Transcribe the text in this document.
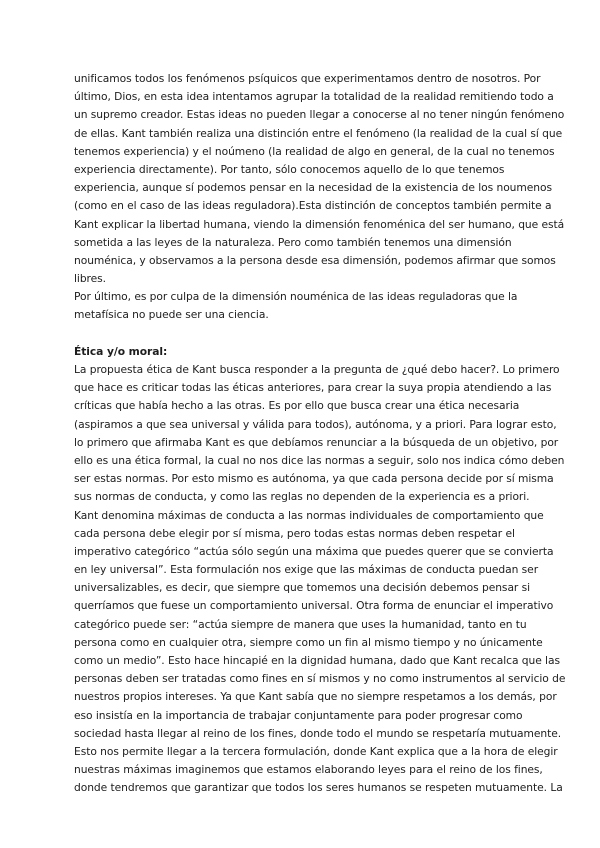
unificamos todos los fenómenos psíquicos que experimentamos dentro de nosotros. Por
último, Dios, en esta idea intentamos agrupar la totalidad de la realidad remitiendo todo a
un supremo creador. Estas ideas no pueden llegar a conocerse al no tener ningún fenómeno
de ellas. Kant también realiza una distinción entre el fenómeno (la realidad de la cual sí que
tenemos experiencia) y el noúmeno (la realidad de algo en general, de la cual no tenemos
experiencia directamente). Por tanto, sólo conocemos aquello de lo que tenemos
experiencia, aunque sí podemos pensar en la necesidad de la existencia de los noumenos
(como en el caso de las ideas reguladora).Esta distinción de conceptos también permite a
Kant explicar la libertad humana, viendo la dimensión fenoménica del ser humano, que está
sometida a las leyes de la naturaleza. Pero como también tenemos una dimensión
nouménica, y observamos a la persona desde esa dimensión, podemos afirmar que somos
libres.
Por último, es por culpa de la dimensión nouménica de las ideas reguladoras que la
metafísica no puede ser una ciencia.
Ética y/o moral:
La propuesta ética de Kant busca responder a la pregunta de ¿qué debo hacer?. Lo primero
que hace es criticar todas las éticas anteriores, para crear la suya propia atendiendo a las
críticas que había hecho a las otras. Es por ello que busca crear una ética necesaria
(aspiramos a que sea universal y válida para todos), autónoma, y a priori. Para lograr esto,
lo primero que afirmaba Kant es que debíamos renunciar a la búsqueda de un objetivo, por
ello es una ética formal, la cual no nos dice las normas a seguir, solo nos indica cómo deben
ser estas normas. Por esto mismo es autónoma, ya que cada persona decide por sí misma
sus normas de conducta, y como las reglas no dependen de la experiencia es a priori.
Kant denomina máximas de conducta a las normas individuales de comportamiento que
cada persona debe elegir por sí misma, pero todas estas normas deben respetar el
imperativo categórico “actúa sólo según una máxima que puedes querer que se convierta
en ley universal”. Esta formulación nos exige que las máximas de conducta puedan ser
universalizables, es decir, que siempre que tomemos una decisión debemos pensar si
querríamos que fuese un comportamiento universal. Otra forma de enunciar el imperativo
categórico puede ser: “actúa siempre de manera que uses la humanidad, tanto en tu
persona como en cualquier otra, siempre como un fin al mismo tiempo y no únicamente
como un medio”. Esto hace hincapié en la dignidad humana, dado que Kant recalca que las
personas deben ser tratadas como fines en sí mismos y no como instrumentos al servicio de
nuestros propios intereses. Ya que Kant sabía que no siempre respetamos a los demás, por
eso insistía en la importancia de trabajar conjuntamente para poder progresar como
sociedad hasta llegar al reino de los fines, donde todo el mundo se respetaría mutuamente.
Esto nos permite llegar a la tercera formulación, donde Kant explica que a la hora de elegir
nuestras máximas imaginemos que estamos elaborando leyes para el reino de los fines,
donde tendremos que garantizar que todos los seres humanos se respeten mutuamente. La
